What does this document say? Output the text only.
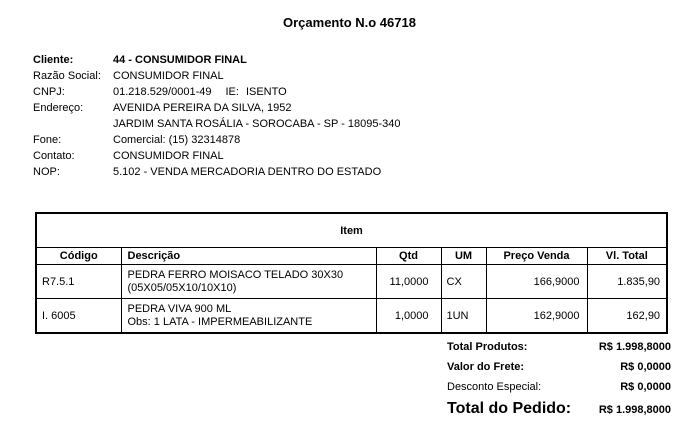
Orçamento N.o 46718
Cliente:	44 - CONSUMIDOR FINAL
Razão Social: CONSUMIDOR FINAL
CNPJ:	01.218.529/0001-49 IE: ISENTO
Endereço:	AVENIDA PEREIRA DA SILVA, 1952
JARDIM SANTA ROSÁLIA - SOROCABA - SP - 18095-340
Fone:	Comercial: (15) 32314878
Contato:	CONSUMIDOR FINAL
NOP:	5.102 - VENDA MERCADORIA DENTRO DO ESTADO
Item					
Código	Descrição	Qtd	UM	Preço Venda	Vl. Total
R7.5.1	PEDRA FERRO MOISACO TELADO 30X30
(05X05/05X10/10X10)	11,0000	CX	166,9000	1.835,90
I. 6005	PEDRA VIVA 900 ML
Obs: 1 LATA - IMPERMEABILIZANTE	1,0000	1UN	162,9000	162,90
Total Produtos:	R$ 1.998,8000
Valor do Frete:	R$ 0,0000
Desconto Especial:	R$ 0,0000
Total do Pedido:	R$ 1.998,8000
